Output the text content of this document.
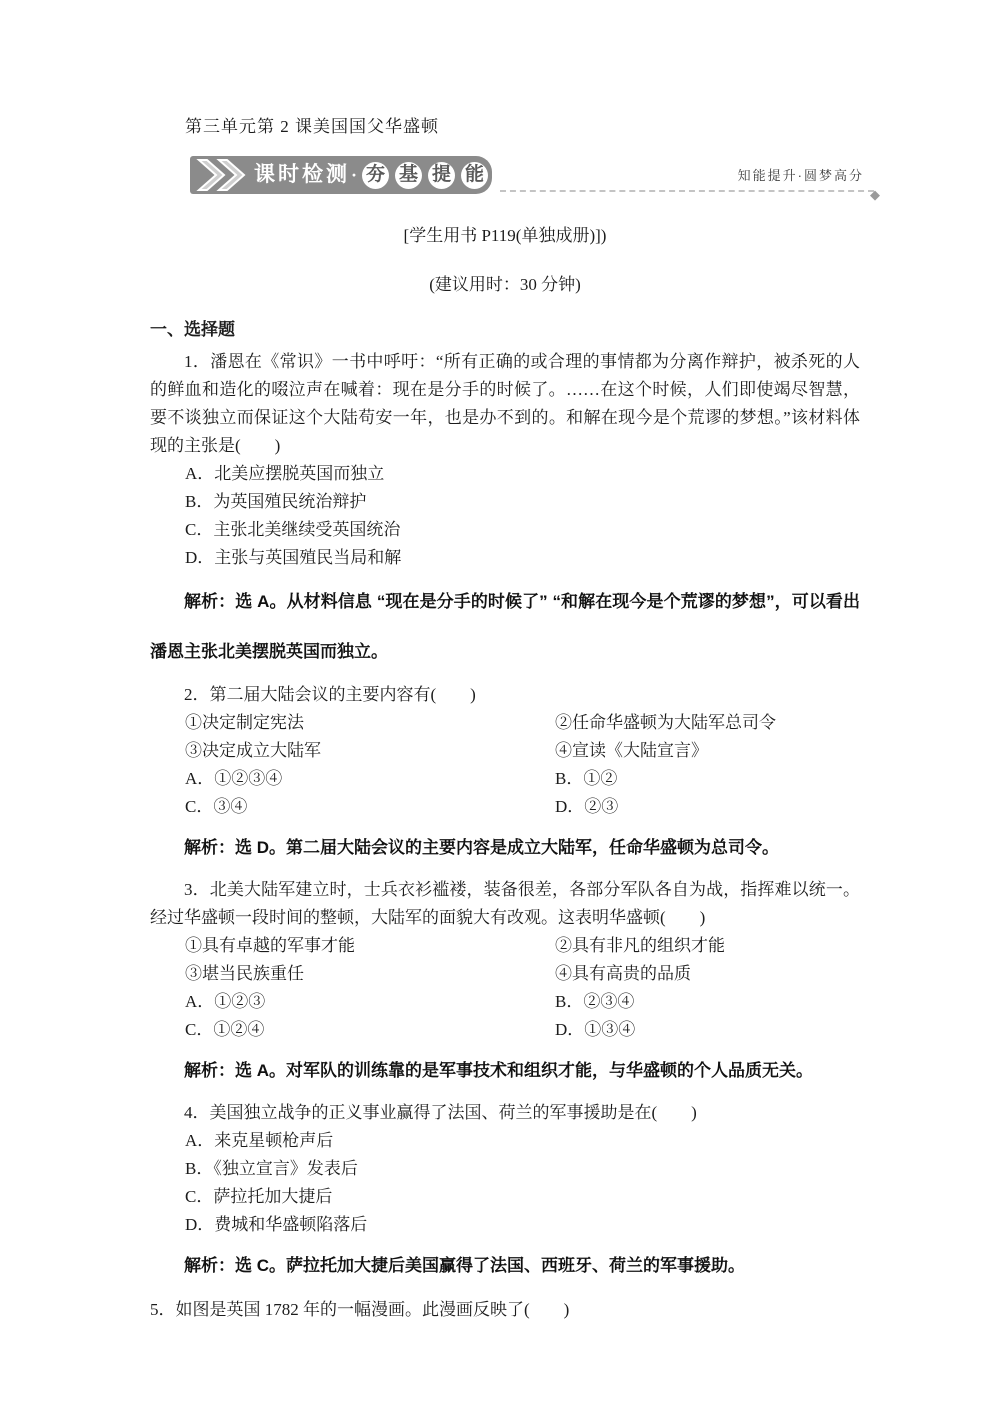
第三单元第 2 课美国国父华盛顿
课时检测 · 夯 基 提 能	知能提升·圆梦高分
◆
[学生用书 P119(单独成册)])
(建议用时：30 分钟)
一、选择题

1．潘恩在《常识》一书中呼吁：“所有正确的或合理的事情都为分离作辩护，被杀死的人的鲜血和造化的啜泣声在喊着：现在是分手的时候了。……在这个时候，人们即使竭尽智慧，要不谈独立而保证这个大陆苟安一年，也是办不到的。和解在现今是个荒谬的梦想。”该材料体现的主张是(　　)

A．北美应摆脱英国而独立
B．为英国殖民统治辩护
C．主张北美继续受英国统治
D．主张与英国殖民当局和解

解析：选 A。从材料信息 “现在是分手的时候了” “和解在现今是个荒谬的梦想”，可以看出潘恩主张北美摆脱英国而独立。

2．第二届大陆会议的主要内容有(　　)

①决定制定宪法	②任命华盛顿为大陆军总司令
③决定成立大陆军	④宣读《大陆宣言》
A．①②③④	B．①②
C．③④	D．②③

解析：选 D。第二届大陆会议的主要内容是成立大陆军，任命华盛顿为总司令。

3．北美大陆军建立时，士兵衣衫褴褛，装备很差，各部分军队各自为战，指挥难以统一。经过华盛顿一段时间的整顿，大陆军的面貌大有改观。这表明华盛顿(　　)

①具有卓越的军事才能	②具有非凡的组织才能
③堪当民族重任	④具有高贵的品质
A．①②③	B．②③④
C．①②④	D．①③④

解析：选 A。对军队的训练靠的是军事技术和组织才能，与华盛顿的个人品质无关。

4．美国独立战争的正义事业赢得了法国、荷兰的军事援助是在(　　)

A．来克星顿枪声后
B．《独立宣言》发表后
C．萨拉托加大捷后
D．费城和华盛顿陷落后

解析：选 C。萨拉托加大捷后美国赢得了法国、西班牙、荷兰的军事援助。

5．如图是英国 1782 年的一幅漫画。此漫画反映了(　　)
